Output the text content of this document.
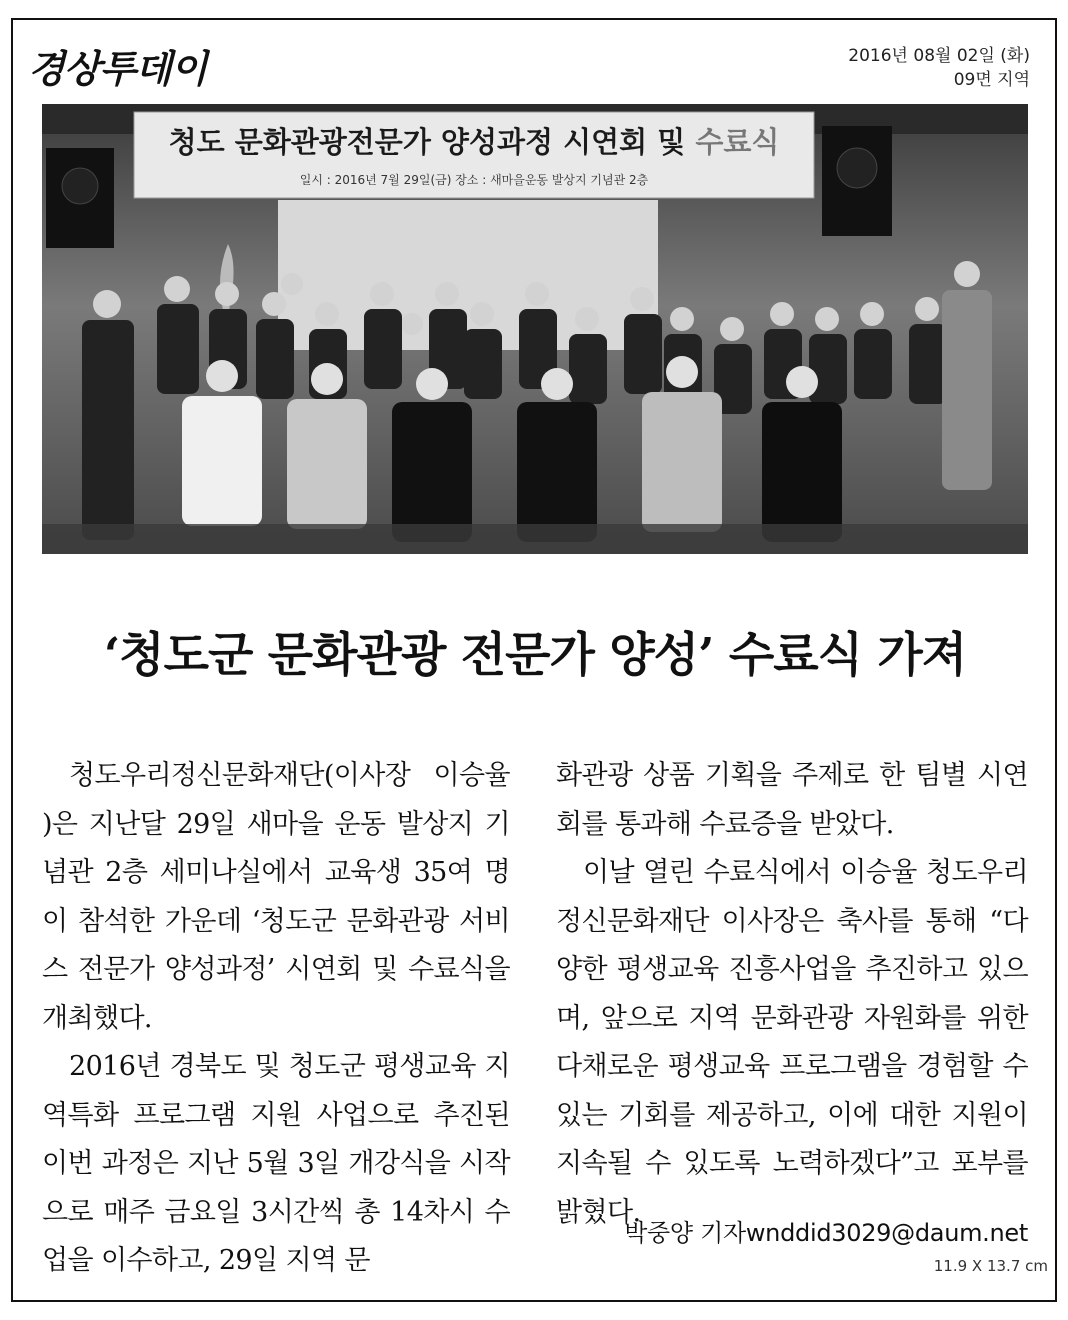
경상투데이	2016년 08월 02일 (화)
09면 지역
청도 문화관광전문가 양성과정 시연회 및 수료식
일시 : 2016년 7월 29일(금) 장소 : 새마을운동 발상지 기념관 2층
‘청도군 문화관광 전문가 양성’ 수료식 가져

청도우리정신문화재단(이사장 이승율 )은 지난달 29일 새마을 운동 발상지 기념관 2층 세미나실에서 교육생 35여 명이 참석한 가운데 ‘청도군 문화관광 서비스 전문가 양성과정’ 시연회 및 수료식을 개최했다.

2016년 경북도 및 청도군 평생교육 지역특화 프로그램 지원 사업으로 추진된 이번 과정은 지난 5월 3일 개강식을 시작으로 매주 금요일 3시간씩 총 14차시 수업을 이수하고, 29일 지역 문

화관광 상품 기획을 주제로 한 팀별 시연회를 통과해 수료증을 받았다.

이날 열린 수료식에서 이승율 청도우리정신문화재단 이사장은 축사를 통해 “다양한 평생교육 진흥사업을 추진하고 있으며, 앞으로 지역 문화관광 자원화를 위한 다채로운 평생교육 프로그램을 경험할 수 있는 기회를 제공하고, 이에 대한 지원이 지속될 수 있도록 노력하겠다”고 포부를 밝혔다.

박중양 기자wnddid3029@daum.net
11.9 X 13.7 cm
